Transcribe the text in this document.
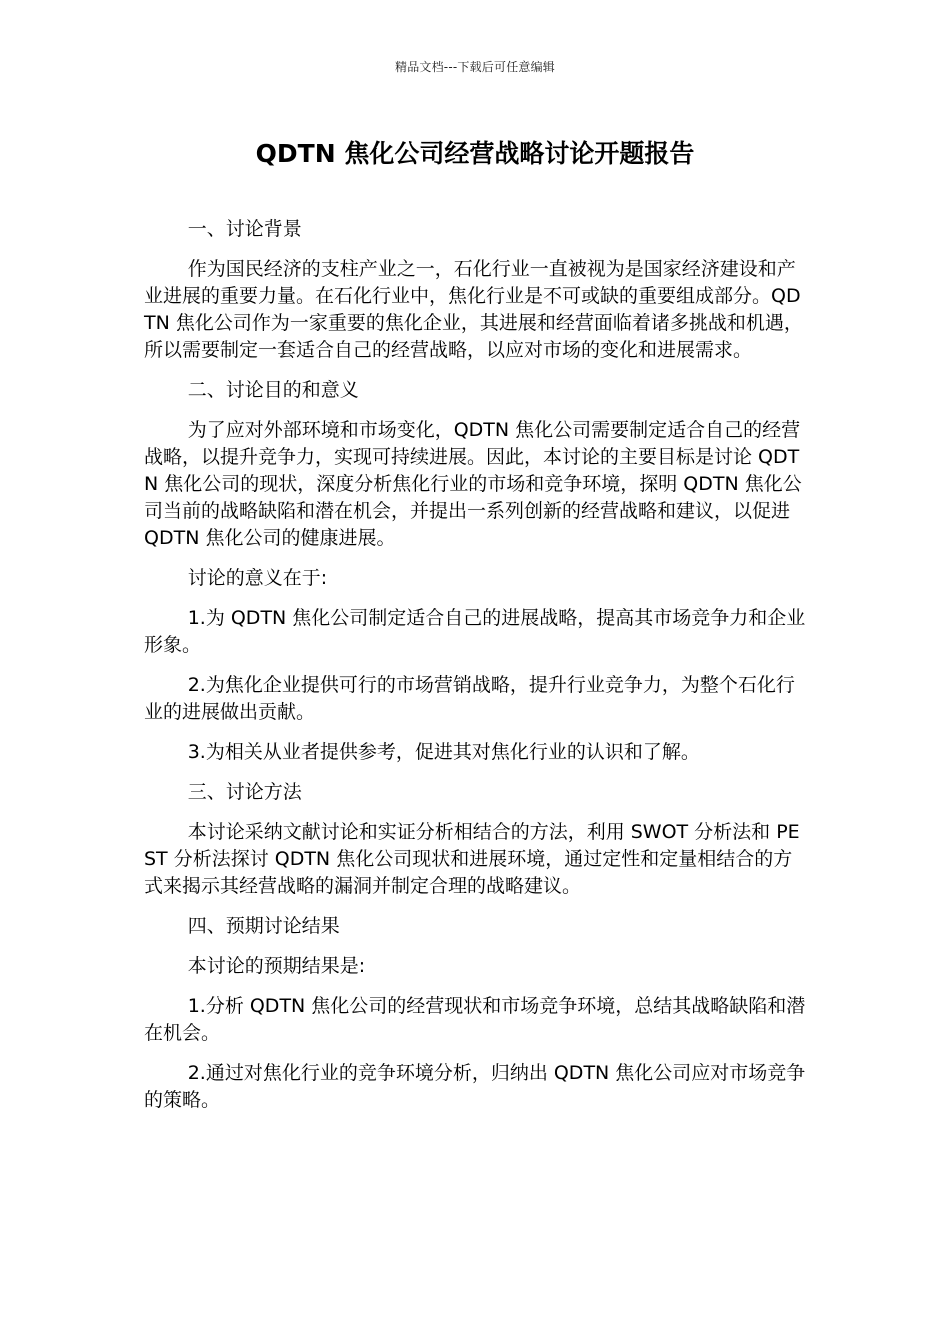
精品文档---下载后可任意编辑
QDTN 焦化公司经营战略讨论开题报告

一、讨论背景

作为国民经济的支柱产业之一，石化行业一直被视为是国家经济建设和产业进展的重要力量。在石化行业中，焦化行业是不可或缺的重要组成部分。QDTN 焦化公司作为一家重要的焦化企业，其进展和经营面临着诸多挑战和机遇，所以需要制定一套适合自己的经营战略，以应对市场的变化和进展需求。

二、讨论目的和意义

为了应对外部环境和市场变化，QDTN 焦化公司需要制定适合自己的经营战略，以提升竞争力，实现可持续进展。因此，本讨论的主要目标是讨论 QDTN 焦化公司的现状，深度分析焦化行业的市场和竞争环境，探明 QDTN 焦化公司当前的战略缺陷和潜在机会，并提出一系列创新的经营战略和建议，以促进 QDTN 焦化公司的健康进展。

讨论的意义在于:

1.为 QDTN 焦化公司制定适合自己的进展战略，提高其市场竞争力和企业形象。

2.为焦化企业提供可行的市场营销战略，提升行业竞争力，为整个石化行业的进展做出贡献。

3.为相关从业者提供参考，促进其对焦化行业的认识和了解。

三、讨论方法

本讨论采纳文献讨论和实证分析相结合的方法，利用 SWOT 分析法和 PEST 分析法探讨 QDTN 焦化公司现状和进展环境，通过定性和定量相结合的方式来揭示其经营战略的漏洞并制定合理的战略建议。

四、预期讨论结果

本讨论的预期结果是:

1.分析 QDTN 焦化公司的经营现状和市场竞争环境，总结其战略缺陷和潜在机会。

2.通过对焦化行业的竞争环境分析，归纳出 QDTN 焦化公司应对市场竞争的策略。
